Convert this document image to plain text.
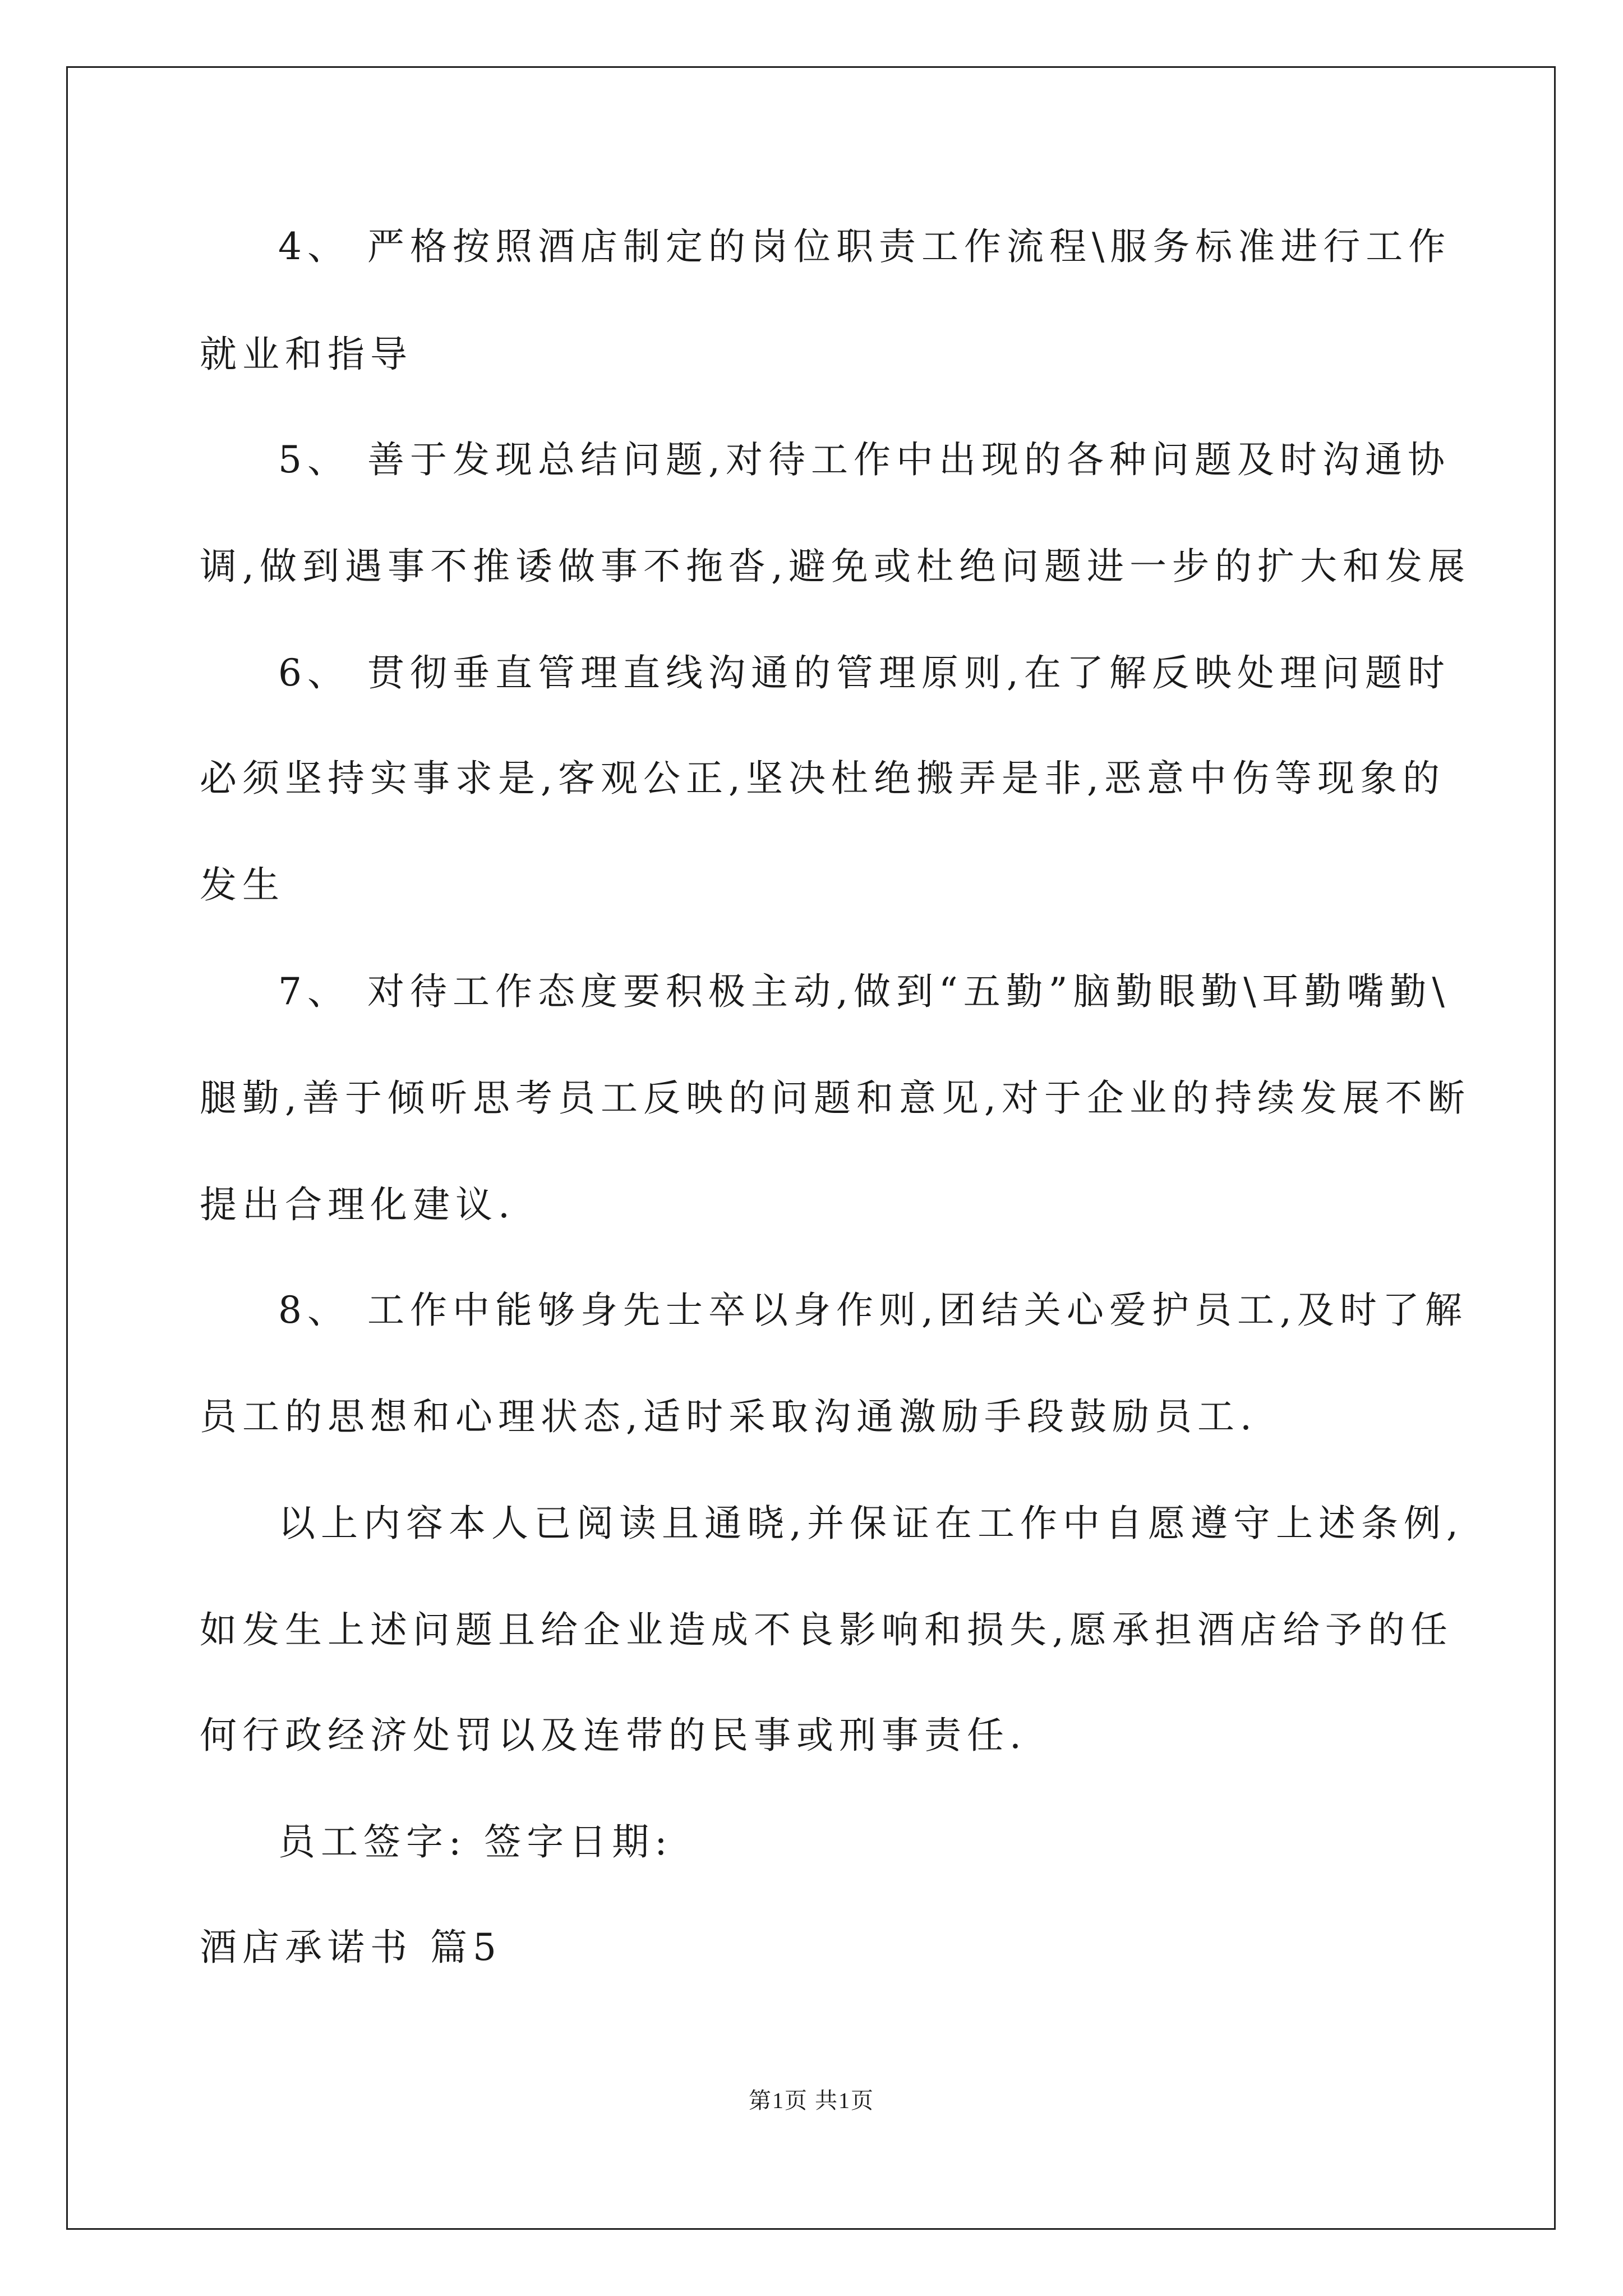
4、 严格按照酒店制定的岗位职责工作流程\服务标准进行工作
就业和指导
5、 善于发现总结问题,对待工作中出现的各种问题及时沟通协
调,做到遇事不推诿做事不拖沓,避免或杜绝问题进一步的扩大和发展
6、 贯彻垂直管理直线沟通的管理原则,在了解反映处理问题时
必须坚持实事求是,客观公正,坚决杜绝搬弄是非,恶意中伤等现象的
发生
7、 对待工作态度要积极主动,做到“五勤”脑勤眼勤\耳勤嘴勤\
腿勤,善于倾听思考员工反映的问题和意见,对于企业的持续发展不断
提出合理化建议.
8、 工作中能够身先士卒以身作则,团结关心爱护员工,及时了解
员工的思想和心理状态,适时采取沟通激励手段鼓励员工.
以上内容本人已阅读且通晓,并保证在工作中自愿遵守上述条例,
如发生上述问题且给企业造成不良影响和损失,愿承担酒店给予的任
何行政经济处罚以及连带的民事或刑事责任.
员工签字: 签字日期:
酒店承诺书 篇5
第1页 共1页
